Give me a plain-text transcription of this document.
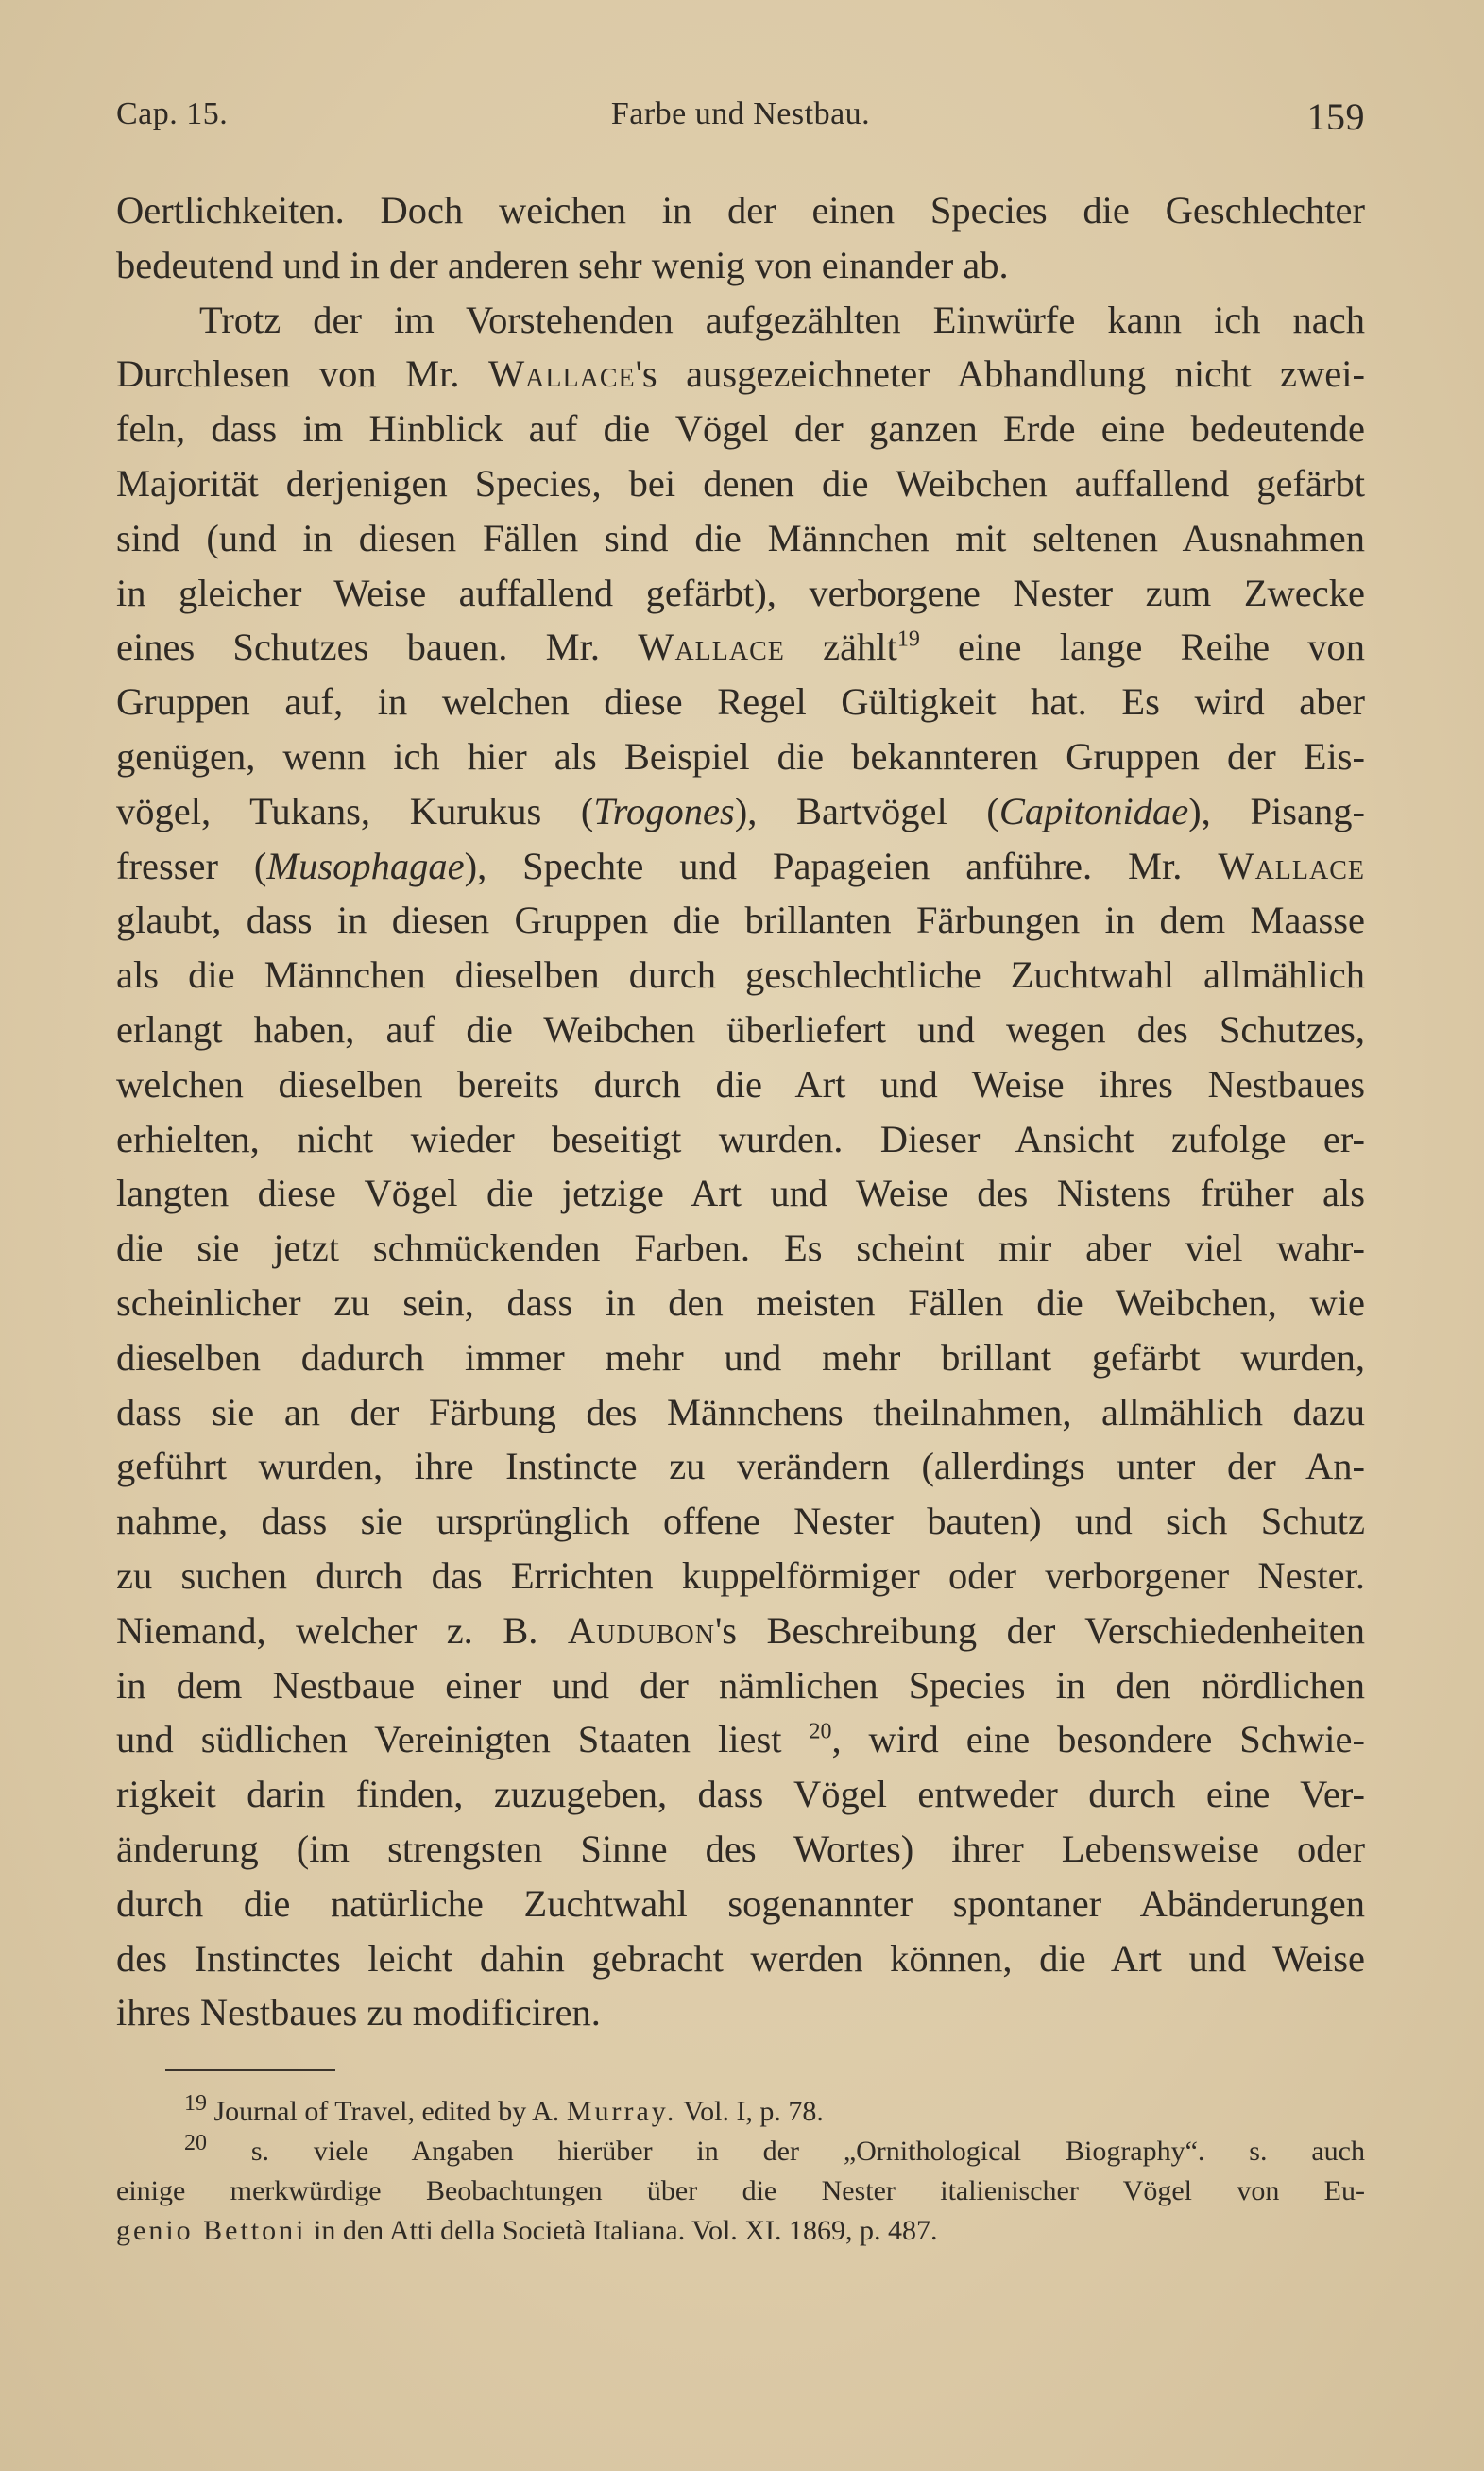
Cap. 15.	Farbe und Nestbau.	159
Oertlichkeiten. Doch weichen in der einen Species die Geschlechter
bedeutend und in der anderen sehr wenig von einander ab.
Trotz der im Vorstehenden aufgezählten Einwürfe kann ich nach
Durchlesen von Mr. Wallace's ausgezeichneter Abhandlung nicht zwei-
feln, dass im Hinblick auf die Vögel der ganzen Erde eine bedeutende
Majorität derjenigen Species, bei denen die Weibchen auffallend gefärbt
sind (und in diesen Fällen sind die Männchen mit seltenen Ausnahmen
in gleicher Weise auffallend gefärbt), verborgene Nester zum Zwecke
eines Schutzes bauen. Mr. Wallace zählt$^{19}$ eine lange Reihe von
Gruppen auf, in welchen diese Regel Gültigkeit hat. Es wird aber
genügen, wenn ich hier als Beispiel die bekannteren Gruppen der Eis-
vögel, Tukans, Kurukus (Trogones), Bartvögel (Capitonidae), Pisang-
fresser (Musophagae), Spechte und Papageien anführe. Mr. Wallace
glaubt, dass in diesen Gruppen die brillanten Färbungen in dem Maasse
als die Männchen dieselben durch geschlechtliche Zuchtwahl allmählich
erlangt haben, auf die Weibchen überliefert und wegen des Schutzes,
welchen dieselben bereits durch die Art und Weise ihres Nestbaues
erhielten, nicht wieder beseitigt wurden. Dieser Ansicht zufolge er-
langten diese Vögel die jetzige Art und Weise des Nistens früher als
die sie jetzt schmückenden Farben. Es scheint mir aber viel wahr-
scheinlicher zu sein, dass in den meisten Fällen die Weibchen, wie
dieselben dadurch immer mehr und mehr brillant gefärbt wurden,
dass sie an der Färbung des Männchens theilnahmen, allmählich dazu
geführt wurden, ihre Instincte zu verändern (allerdings unter der An-
nahme, dass sie ursprünglich offene Nester bauten) und sich Schutz
zu suchen durch das Errichten kuppelförmiger oder verborgener Nester.
Niemand, welcher z. B. Audubon's Beschreibung der Verschiedenheiten
in dem Nestbaue einer und der nämlichen Species in den nördlichen
und südlichen Vereinigten Staaten liest $^{20}$, wird eine besondere Schwie-
rigkeit darin finden, zuzugeben, dass Vögel entweder durch eine Ver-
änderung (im strengsten Sinne des Wortes) ihrer Lebensweise oder
durch die natürliche Zuchtwahl sogenannter spontaner Abänderungen
des Instinctes leicht dahin gebracht werden können, die Art und Weise
ihres Nestbaues zu modificiren.
$^{19}$ Journal of Travel, edited by A. Murray. Vol. I, p. 78.
$^{20}$ s. viele Angaben hierüber in der „Ornithological Biography“. s. auch
einige merkwürdige Beobachtungen über die Nester italienischer Vögel von Eu-
genio Bettoni in den Atti della Società Italiana. Vol. XI. 1869, p. 487.
